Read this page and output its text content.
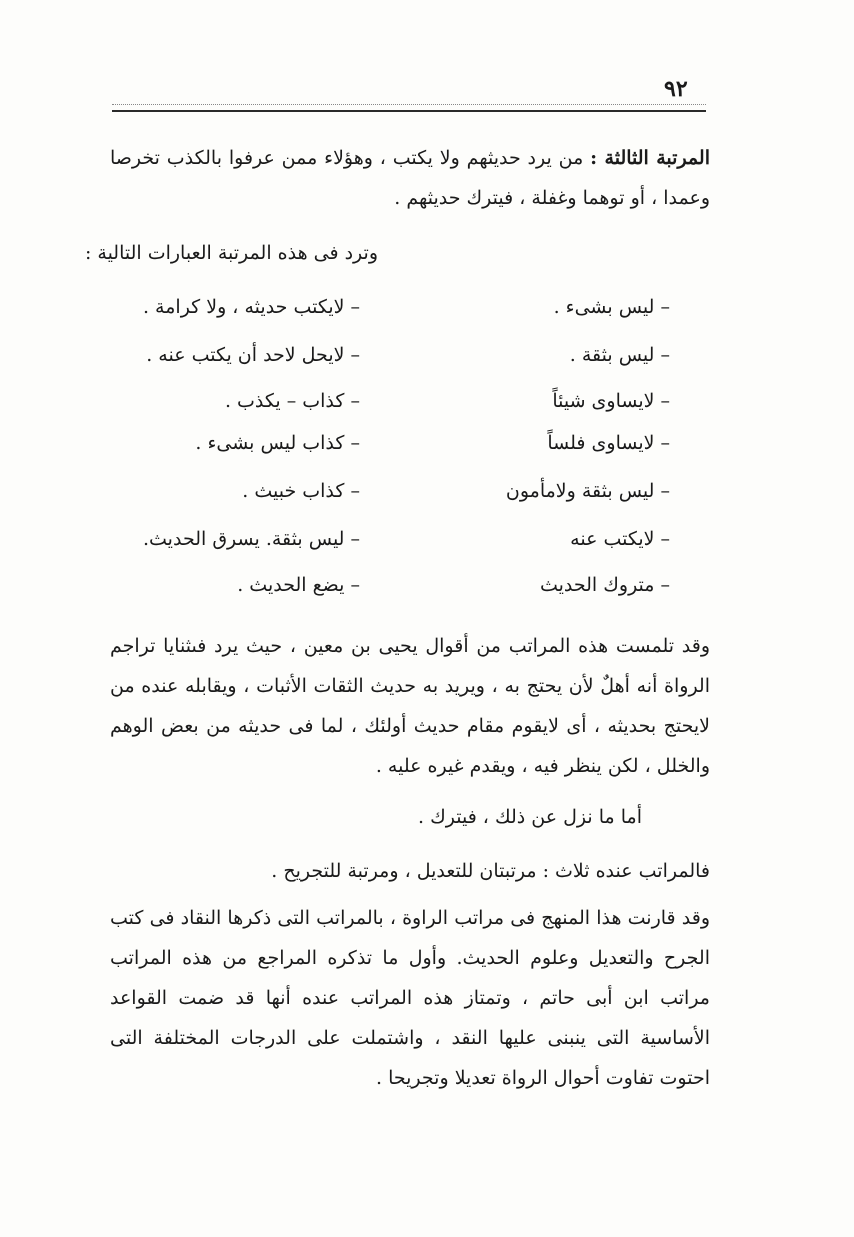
٩٢
المرتبة الثالثة : من يرد حديثهم ولا يكتب ، وهؤلاء ممن عرفوا بالكذب تخرصا وعمدا ، أو توهما وغفلة ، فيترك حديثهم .
وترد فى هذه المرتبة العبارات التالية :
– ليس بشىء .
– لايكتب حديثه ، ولا كرامة .
– ليس بثقة .
– لايحل لاحد أن يكتب عنه .
– لايساوى شيئاً
– كذاب – يكذب .
– لايساوى فلساً
– كذاب ليس بشىء .
– ليس بثقة ولامأمون
– كذاب خبيث .
– لايكتب عنه
– ليس بثقة. يسرق الحديث.
– متروك الحديث
– يضع الحديث .
وقد تلمست هذه المراتب من أقوال يحيى بن معين ، حيث يرد فىثنايا تراجم الرواة أنه أهلٌ لأن يحتج به ، ويريد به حديث الثقات الأثبات ، ويقابله عنده من لايحتج بحديثه ، أى لايقوم مقام حديث أولئك ، لما فى حديثه من بعض الوهم والخلل ، لكن ينظر فيه ، ويقدم غيره عليه .
أما ما نزل عن ذلك ، فيترك .
فالمراتب عنده ثلاث : مرتبتان للتعديل ، ومرتبة للتجريح .
وقد قارنت هذا المنهج فى مراتب الراوة ، بالمراتب التى ذكرها النقاد فى كتب الجرح والتعديل وعلوم الحديث. وأول ما تذكره المراجع من هذه المراتب مراتب ابن أبى حاتم ، وتمتاز هذه المراتب عنده أنها قد ضمت القواعد الأساسية التى ينبنى عليها النقد ، واشتملت على الدرجات المختلفة التى احتوت تفاوت أحوال الرواة تعديلا وتجريحا .
